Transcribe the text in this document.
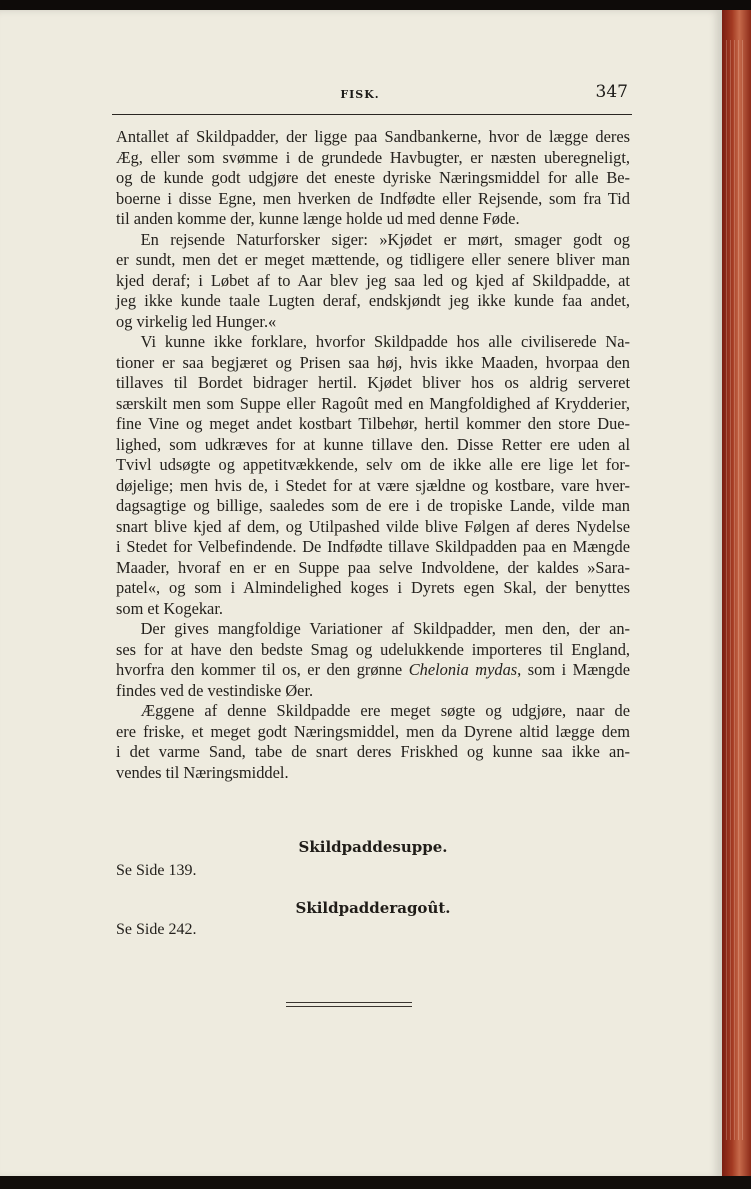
FISK.	347
Antallet af Skildpadder, der ligge paa Sandbankerne, hvor de lægge deres
Æg, eller som svømme i de grundede Havbugter, er næsten uberegneligt,
og de kunde godt udgjøre det eneste dyriske Næringsmiddel for alle Be-
boerne i disse Egne, men hverken de Indfødte eller Rejsende, som fra Tid
til anden komme der, kunne længe holde ud med denne Føde.
  En rejsende Naturforsker siger: »Kjødet er mørt, smager godt og
er sundt, men det er meget mættende, og tidligere eller senere bliver man
kjed deraf; i Løbet af to Aar blev jeg saa led og kjed af Skildpadde, at
jeg ikke kunde taale Lugten deraf, endskjøndt jeg ikke kunde faa andet,
og virkelig led Hunger.«
  Vi kunne ikke forklare, hvorfor Skildpadde hos alle civiliserede Na-
tioner er saa begjæret og Prisen saa høj, hvis ikke Maaden, hvorpaa den
tillaves til Bordet bidrager hertil. Kjødet bliver hos os aldrig serveret
særskilt men som Suppe eller Ragoût med en Mangfoldighed af Krydderier,
fine Vine og meget andet kostbart Tilbehør, hertil kommer den store Due-
lighed, som udkræves for at kunne tillave den. Disse Retter ere uden al
Tvivl udsøgte og appetitvækkende, selv om de ikke alle ere lige let for-
døjelige; men hvis de, i Stedet for at være sjældne og kostbare, vare hver-
dagsagtige og billige, saaledes som de ere i de tropiske Lande, vilde man
snart blive kjed af dem, og Utilpashed vilde blive Følgen af deres Nydelse
i Stedet for Velbefindende. De Indfødte tillave Skildpadden paa en Mængde
Maader, hvoraf en er en Suppe paa selve Indvoldene, der kaldes »Sara-
patel«, og som i Almindelighed koges i Dyrets egen Skal, der benyttes
som et Kogekar.
  Der gives mangfoldige Variationer af Skildpadder, men den, der an-
ses for at have den bedste Smag og udelukkende importeres til England,
hvorfra den kommer til os, er den grønne Chelonia mydas, som i Mængde
findes ved de vestindiske Øer.
  Æggene af denne Skildpadde ere meget søgte og udgjøre, naar de
ere friske, et meget godt Næringsmiddel, men da Dyrene altid lægge dem
i det varme Sand, tabe de snart deres Friskhed og kunne saa ikke an-
vendes til Næringsmiddel.
Skildpaddesuppe.
Se Side 139.
Skildpadderagoût.
Se Side 242.
